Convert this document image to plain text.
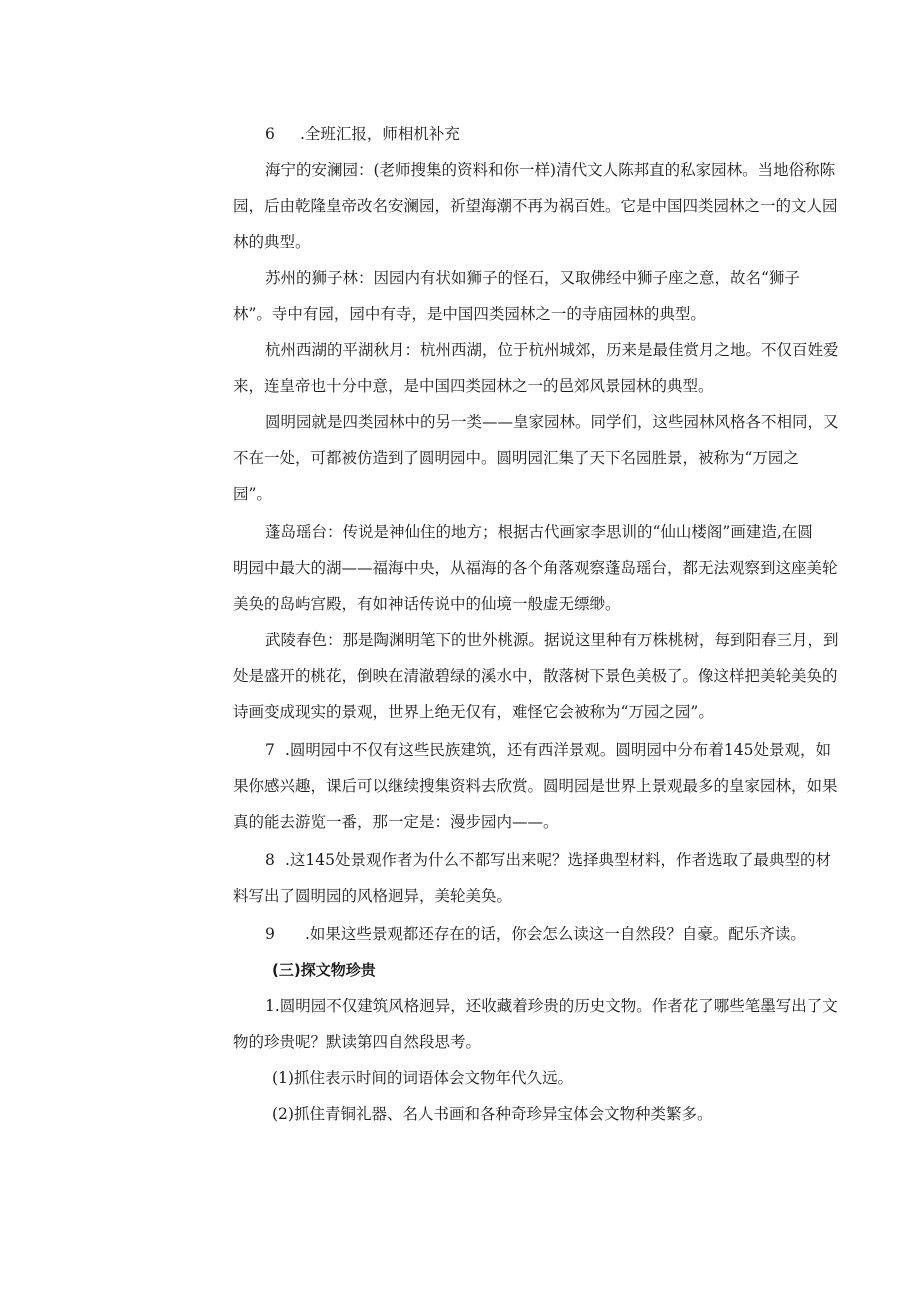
6 .全班汇报，师相机补充
海宁的安澜园：(老师搜集的资料和你一样)清代文人陈邦直的私家园林。当地俗称陈
园，后由乾隆皇帝改名安澜园，祈望海潮不再为祸百姓。它是中国四类园林之一的文人园
林的典型。
苏州的狮子林：因园内有状如狮子的怪石，又取佛经中狮子座之意，故名“狮子
林”。寺中有园，园中有寺，是中国四类园林之一的寺庙园林的典型。
杭州西湖的平湖秋月：杭州西湖，位于杭州城郊，历来是最佳赏月之地。不仅百姓爱
来，连皇帝也十分中意，是中国四类园林之一的邑郊风景园林的典型。
圆明园就是四类园林中的另一类——皇家园林。同学们，这些园林风格各不相同，又
不在一处，可都被仿造到了圆明园中。圆明园汇集了天下名园胜景，被称为“万园之
园”。
蓬岛瑶台：传说是神仙住的地方；根据古代画家李思训的“仙山楼阁”画建造,在圆
明园中最大的湖——福海中央，从福海的各个角落观察蓬岛瑶台，都无法观察到这座美轮
美奂的岛屿宫殿，有如神话传说中的仙境一般虚无缥缈。
武陵春色：那是陶渊明笔下的世外桃源。据说这里种有万株桃树，每到阳春三月，到
处是盛开的桃花，倒映在清澈碧绿的溪水中，散落树下景色美极了。像这样把美轮美奂的
诗画变成现实的景观，世界上绝无仅有，难怪它会被称为“万园之园”。
7 .圆明园中不仅有这些民族建筑，还有西洋景观。圆明园中分布着145处景观，如
果你感兴趣，课后可以继续搜集资料去欣赏。圆明园是世界上景观最多的皇家园林，如果
真的能去游览一番，那一定是：漫步园内——。
8 .这145处景观作者为什么不都写出来呢？选择典型材料，作者选取了最典型的材
料写出了圆明园的风格迥异，美轮美奂。
9 .如果这些景观都还存在的话，你会怎么读这一自然段？自豪。配乐齐读。
(三)探文物珍贵
1.圆明园不仅建筑风格迥异，还收藏着珍贵的历史文物。作者花了哪些笔墨写出了文
物的珍贵呢？默读第四自然段思考。
(1)抓住表示时间的词语体会文物年代久远。
(2)抓住青铜礼器、名人书画和各种奇珍异宝体会文物种类繁多。
